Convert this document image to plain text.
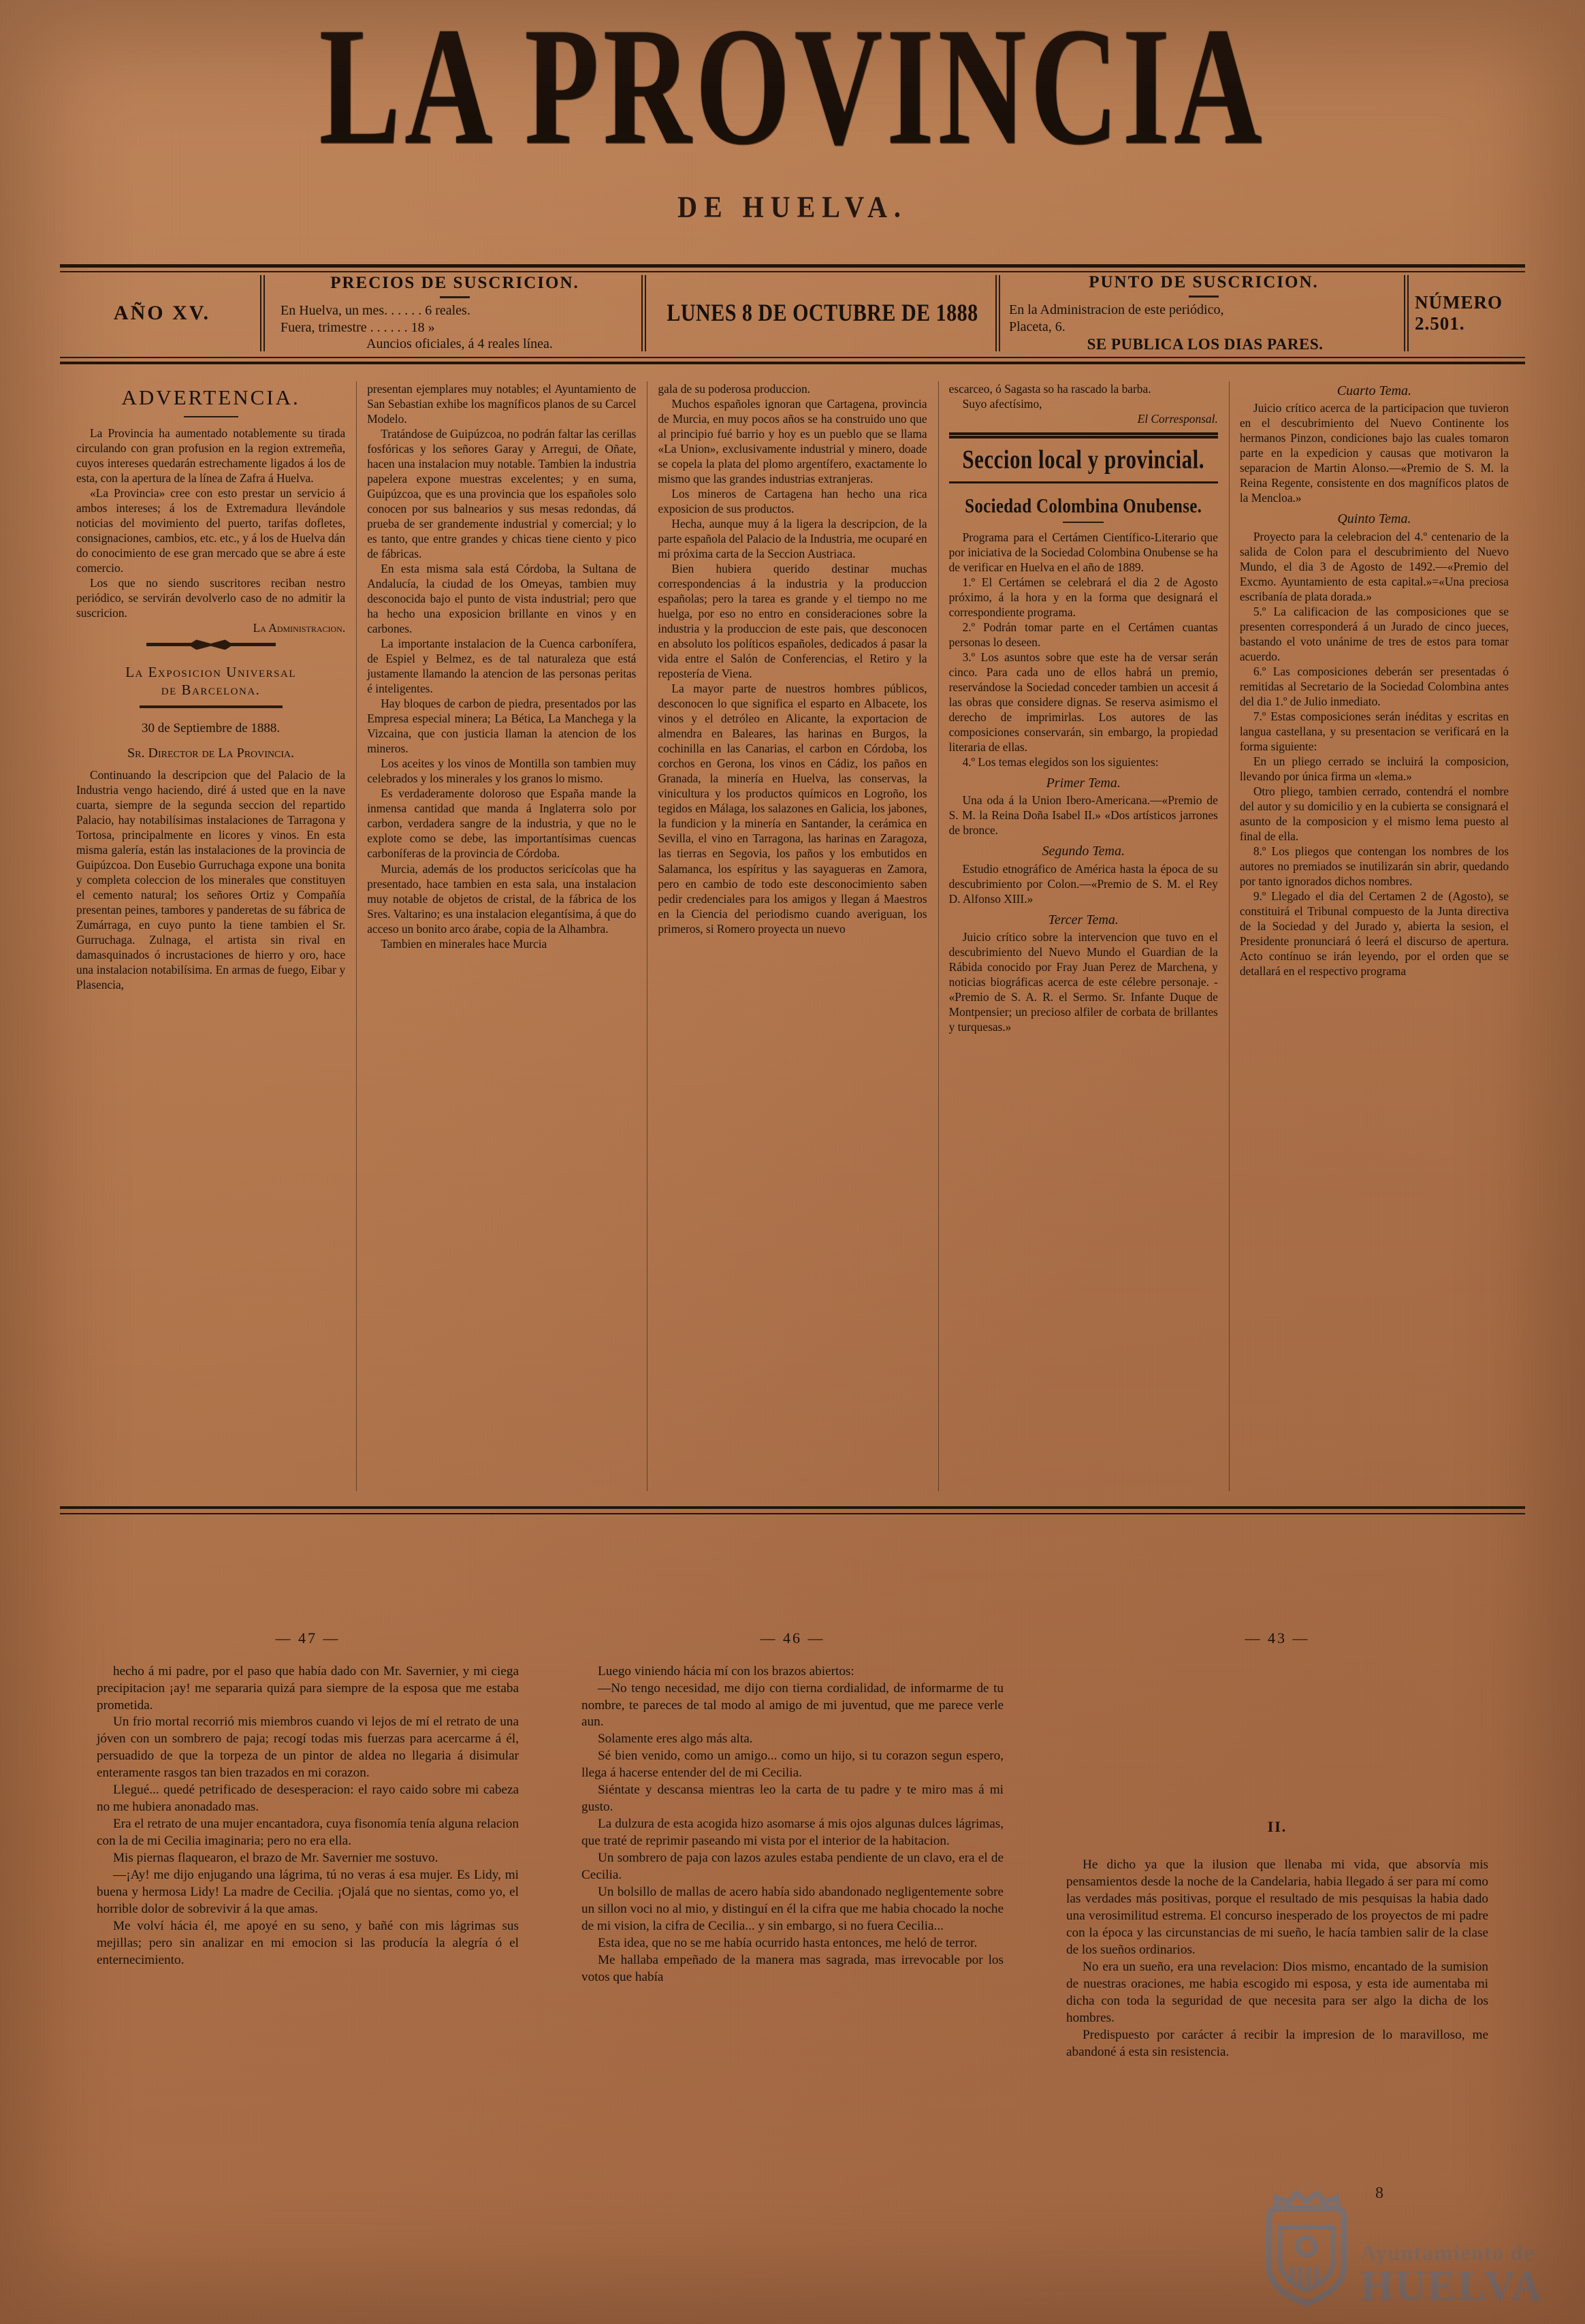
LA PROVINCIA
DE HUELVA.
AÑO XV.
PRECIOS DE SUSCRICION.
En Huelva, un mes. . . . . . 6 reales.
Fuera, trimestre . . . . . . 18 »
Auncios oficiales, á 4 reales línea.
LUNES 8 DE OCTUBRE DE 1888
PUNTO DE SUSCRICION.
En la Administracion de este periódico,
Placeta, 6.
SE PUBLICA LOS DIAS PARES.
NÚMERO 2.501.
ADVERTENCIA.

La Provincia ha aumentado notablemente su tirada circulando con gran profusion en la region extremeña, cuyos intereses quedarán estrechamente ligados á los de esta, con la apertura de la línea de Zafra á Huelva.

«La Provincia» cree con esto prestar un servicio á ambos intereses; á los de Extremadura llevándole noticias del movimiento del puerto, tarifas dofletes, consignaciones, cambios, etc. etc., y á los de Huelva dán do conocimiento de ese gran mercado que se abre á este comercio.

Los que no siendo suscritores reciban nestro periódico, se servirán devolverlo caso de no admitir la suscricion.

La Administracion.

La Exposicion Universal
de Barcelona.
30 de Septiembre de 1888.
Sr. Director de La Provincia.

Continuando la descripcion que del Palacio de la Industria vengo haciendo, diré á usted que en la nave cuarta, siempre de la segunda seccion del repartido Palacio, hay notabilísimas instalaciones de Tarragona y Tortosa, principalmente en licores y vinos. En esta misma galería, están las instalaciones de la provincia de Guipúzcoa. Don Eusebio Gurruchaga expone una bonita y completa coleccion de los minerales que constituyen el cemento natural; los señores Ortiz y Compañía presentan peines, tambores y panderetas de su fábrica de Zumárraga, en cuyo punto la tiene tambien el Sr. Gurruchaga. Zulnaga, el artista sin rival en damasquinados ó incrustaciones de hierro y oro, hace una instalacion notabilísima. En armas de fuego, Eibar y Plasencia,

presentan ejemplares muy notables; el Ayuntamiento de San Sebastian exhibe los magníficos planos de su Carcel Modelo.

Tratándose de Guipúzcoa, no podrán faltar las cerillas fosfóricas y los señores Garay y Arregui, de Oñate, hacen una instalacion muy notable. Tambien la industria papelera expone muestras excelentes; y en suma, Guipúzcoa, que es una provincia que los españoles solo conocen por sus balnearios y sus mesas redondas, dá prueba de ser grandemente industrial y comercial; y lo es tanto, que entre grandes y chicas tiene ciento y pico de fábricas.

En esta misma sala está Córdoba, la Sultana de Andalucía, la ciudad de los Omeyas, tambien muy desconocida bajo el punto de vista industrial; pero que ha hecho una exposicion brillante en vinos y en carbones.

La importante instalacion de la Cuenca carbonífera, de Espiel y Belmez, es de tal naturaleza que está justamente llamando la atencion de las personas peritas é inteligentes.

Hay bloques de carbon de piedra, presentados por las Empresa especial minera; La Bética, La Manchega y la Vizcaina, que con justicia llaman la atencion de los mineros.

Los aceites y los vinos de Montilla son tambien muy celebrados y los minerales y los granos lo mismo.

Es verdaderamente doloroso que España mande la inmensa cantidad que manda á Inglaterra solo por carbon, verdadera sangre de la industria, y que no le explote como se debe, las importantísimas cuencas carboníferas de la provincia de Córdoba.

Murcia, además de los productos sericícolas que ha presentado, hace tambien en esta sala, una instalacion muy notable de objetos de cristal, de la fábrica de los Sres. Valtarino; es una instalacion elegantísima, á que do acceso un bonito arco árabe, copia de la Alhambra.

Tambien en minerales hace Murcia

gala de su poderosa produccion.

Muchos españoles ignoran que Cartagena, provincia de Murcia, en muy pocos años se ha construido uno que al principio fué barrio y hoy es un pueblo que se llama «La Union», exclusivamente industrial y minero, doade se copela la plata del plomo argentífero, exactamente lo mismo que las grandes industrias extranjeras.

Los mineros de Cartagena han hecho una rica exposicion de sus productos.

Hecha, aunque muy á la ligera la descripcion, de la parte española del Palacio de la Industria, me ocuparé en mi próxima carta de la Seccion Austriaca.

Bien hubiera querido destinar muchas correspondencias á la industria y la produccion españolas; pero la tarea es grande y el tiempo no me huelga, por eso no entro en consideraciones sobre la industria y la produccion de este pais, que desconocen en absoluto los políticos españoles, dedicados á pasar la vida entre el Salón de Conferencias, el Retiro y la repostería de Viena.

La mayor parte de nuestros hombres públicos, desconocen lo que significa el esparto en Albacete, los vinos y el detróleo en Alicante, la exportacion de almendra en Baleares, las harinas en Burgos, la cochinilla en las Canarias, el carbon en Córdoba, los corchos en Gerona, los vinos en Cádiz, los paños en Granada, la minería en Huelva, las conservas, la vinicultura y los productos químicos en Logroño, los tegidos en Málaga, los salazones en Galicia, los jabones, la fundicion y la minería en Santander, la cerámica en Sevilla, el vino en Tarragona, las harinas en Zaragoza, las tierras en Segovia, los paños y los embutidos en Salamanca, los espíritus y las sayagueras en Zamora, pero en cambio de todo este desconocimiento saben pedir credenciales para los amigos y llegan á Maestros en la Ciencia del periodismo cuando averiguan, los primeros, si Romero proyecta un nuevo

escarceo, ó Sagasta so ha rascado la barba.

Suyo afectísimo,

El Corresponsal.

Seccion local y provincial.
Sociedad Colombina Onubense.

Programa para el Certámen Científico-Literario que por iniciativa de la Sociedad Colombina Onubense se ha de verificar en Huelva en el año de 1889.

1.º El Certámen se celebrará el dia 2 de Agosto próximo, á la hora y en la forma que designará el correspondiente programa.

2.º Podrán tomar parte en el Certámen cuantas personas lo deseen.

3.º Los asuntos sobre que este ha de versar serán cinco. Para cada uno de ellos habrá un premio, reservándose la Sociedad conceder tambien un accesit á las obras que considere dignas. Se reserva asimismo el derecho de imprimirlas. Los autores de las composiciones conservarán, sin embargo, la propiedad literaria de ellas.

4.º Los temas elegidos son los siguientes:

Primer Tema.

Una oda á la Union Ibero-Americana.—«Premio de S. M. la Reina Doña Isabel II.» «Dos artísticos jarrones de bronce.

Segundo Tema.

Estudio etnográfico de América hasta la época de su descubrimiento por Colon.—«Premio de S. M. el Rey D. Alfonso XIII.»

Tercer Tema.

Juicio crítico sobre la intervencion que tuvo en el descubrimiento del Nuevo Mundo el Guardian de la Rábida conocido por Fray Juan Perez de Marchena, y noticias biográficas acerca de este célebre personaje. - «Premio de S. A. R. el Sermo. Sr. Infante Duque de Montpensier; un precioso alfiler de corbata de brillantes y turquesas.»

Cuarto Tema.

Juicio crítico acerca de la participacion que tuvieron en el descubrimiento del Nuevo Continente los hermanos Pinzon, condiciones bajo las cuales tomaron parte en la expedicion y causas que motivaron la separacion de Martin Alonso.—«Premio de S. M. la Reina Regente, consistente en dos magníficos platos de la Mencloa.»

Quinto Tema.

Proyecto para la celebracion del 4.º centenario de la salida de Colon para el descubrimiento del Nuevo Mundo, el dia 3 de Agosto de 1492.—«Premio del Excmo. Ayuntamiento de esta capital.»=«Una preciosa escribanía de plata dorada.»

5.º La calificacion de las composiciones que se presenten corresponderá á un Jurado de cinco jueces, bastando el voto unánime de tres de estos para tomar acuerdo.

6.º Las composiciones deberán ser presentadas ó remitidas al Secretario de la Sociedad Colombina antes del dia 1.º de Julio inmediato.

7.º Estas composiciones serán inéditas y escritas en langua castellana, y su presentacion se verificará en la forma siguiente:

En un pliego cerrado se incluirá la composicion, llevando por única firma un «lema.»

Otro pliego, tambien cerrado, contendrá el nombre del autor y su domicilio y en la cubierta se consignará el asunto de la composicion y el mismo lema puesto al final de ella.

8.º Los pliegos que contengan los nombres de los autores no premiados se inutilizarán sin abrir, quedando por tanto ignorados dichos nombres.

9.º Llegado el dia del Certamen 2 de (Agosto), se constituirá el Tribunal compuesto de la Junta directiva de la Sociedad y del Jurado y, abierta la sesion, el Presidente pronunciará ó leerá el discurso de apertura. Acto contínuo se irán leyendo, por el orden que se detallará en el respectivo programa

— 47 —

hecho á mi padre, por el paso que había dado con Mr. Savernier, y mi ciega precipitacion ¡ay! me separaria quizá para siempre de la esposa que me estaba prometida.

Un frio mortal recorrió mis miembros cuando vi lejos de mí el retrato de una jóven con un sombrero de paja; recogí todas mis fuerzas para acercarme á él, persuadido de que la torpeza de un pintor de aldea no llegaria á disimular enteramente rasgos tan bien trazados en mi corazon.

Llegué... quedé petrificado de desesperacion: el rayo caido sobre mi cabeza no me hubiera anonadado mas.

Era el retrato de una mujer encantadora, cuya fisonomía tenía alguna relacion con la de mi Cecilia imaginaria; pero no era ella.

Mis piernas flaquearon, el brazo de Mr. Savernier me sostuvo.

—¡Ay! me dijo enjugando una lágrima, tú no veras á esa mujer. Es Lidy, mi buena y hermosa Lidy! La madre de Cecilia. ¡Ojalá que no sientas, como yo, el horrible dolor de sobrevivir á la que amas.

Me volví hácia él, me apoyé en su seno, y bañé con mis lágrimas sus mejillas; pero sin analizar en mi emocion si las producía la alegría ó el enternecimiento.

— 46 —

Luego viniendo hácia mí con los brazos abiertos:

—No tengo necesidad, me dijo con tierna cordialidad, de informarme de tu nombre, te pareces de tal modo al amigo de mi juventud, que me parece verle aun.

Solamente eres algo más alta.

Sé bien venido, como un amigo... como un hijo, si tu corazon segun espero, llega á hacerse entender del de mi Cecilia.

Siéntate y descansa mientras leo la carta de tu padre y te miro mas á mi gusto.

La dulzura de esta acogida hizo asomarse á mis ojos algunas dulces lágrimas, que traté de reprimir paseando mi vista por el interior de la habitacion.

Un sombrero de paja con lazos azules estaba pendiente de un clavo, era el de Cecilia.

Un bolsillo de mallas de acero había sido abandonado negligentemente sobre un sillon voci no al mio, y distinguí en él la cifra que me habia chocado la noche de mi vision, la cifra de Cecilia... y sin embargo, si no fuera Cecilia...

Esta idea, que no se me había ocurrido hasta entonces, me heló de terror.

Me hallaba empeñado de la manera mas sagrada, mas irrevocable por los votos que había

— 43 —
II.

He dicho ya que la ilusion que llenaba mi vida, que absorvía mis pensamientos desde la noche de la Candelaria, habia llegado á ser para mí como las verdades más positivas, porque el resultado de mis pesquisas la habia dado una verosimilitud estrema. El concurso inesperado de los proyectos de mi padre con la época y las circunstancias de mi sueño, le hacía tambien salir de la clase de los sueños ordinarios.

No era un sueño, era una revelacion: Dios mismo, encantado de la sumision de nuestras oraciones, me habia escogido mi esposa, y esta ide aumentaba mi dicha con toda la seguridad de que necesita para ser algo la dicha de los hombres.

Predispuesto por carácter á recibir la impresion de lo maravilloso, me abandoné á esta sin resistencia.

8
Ayuntamiento de
HUELVA
